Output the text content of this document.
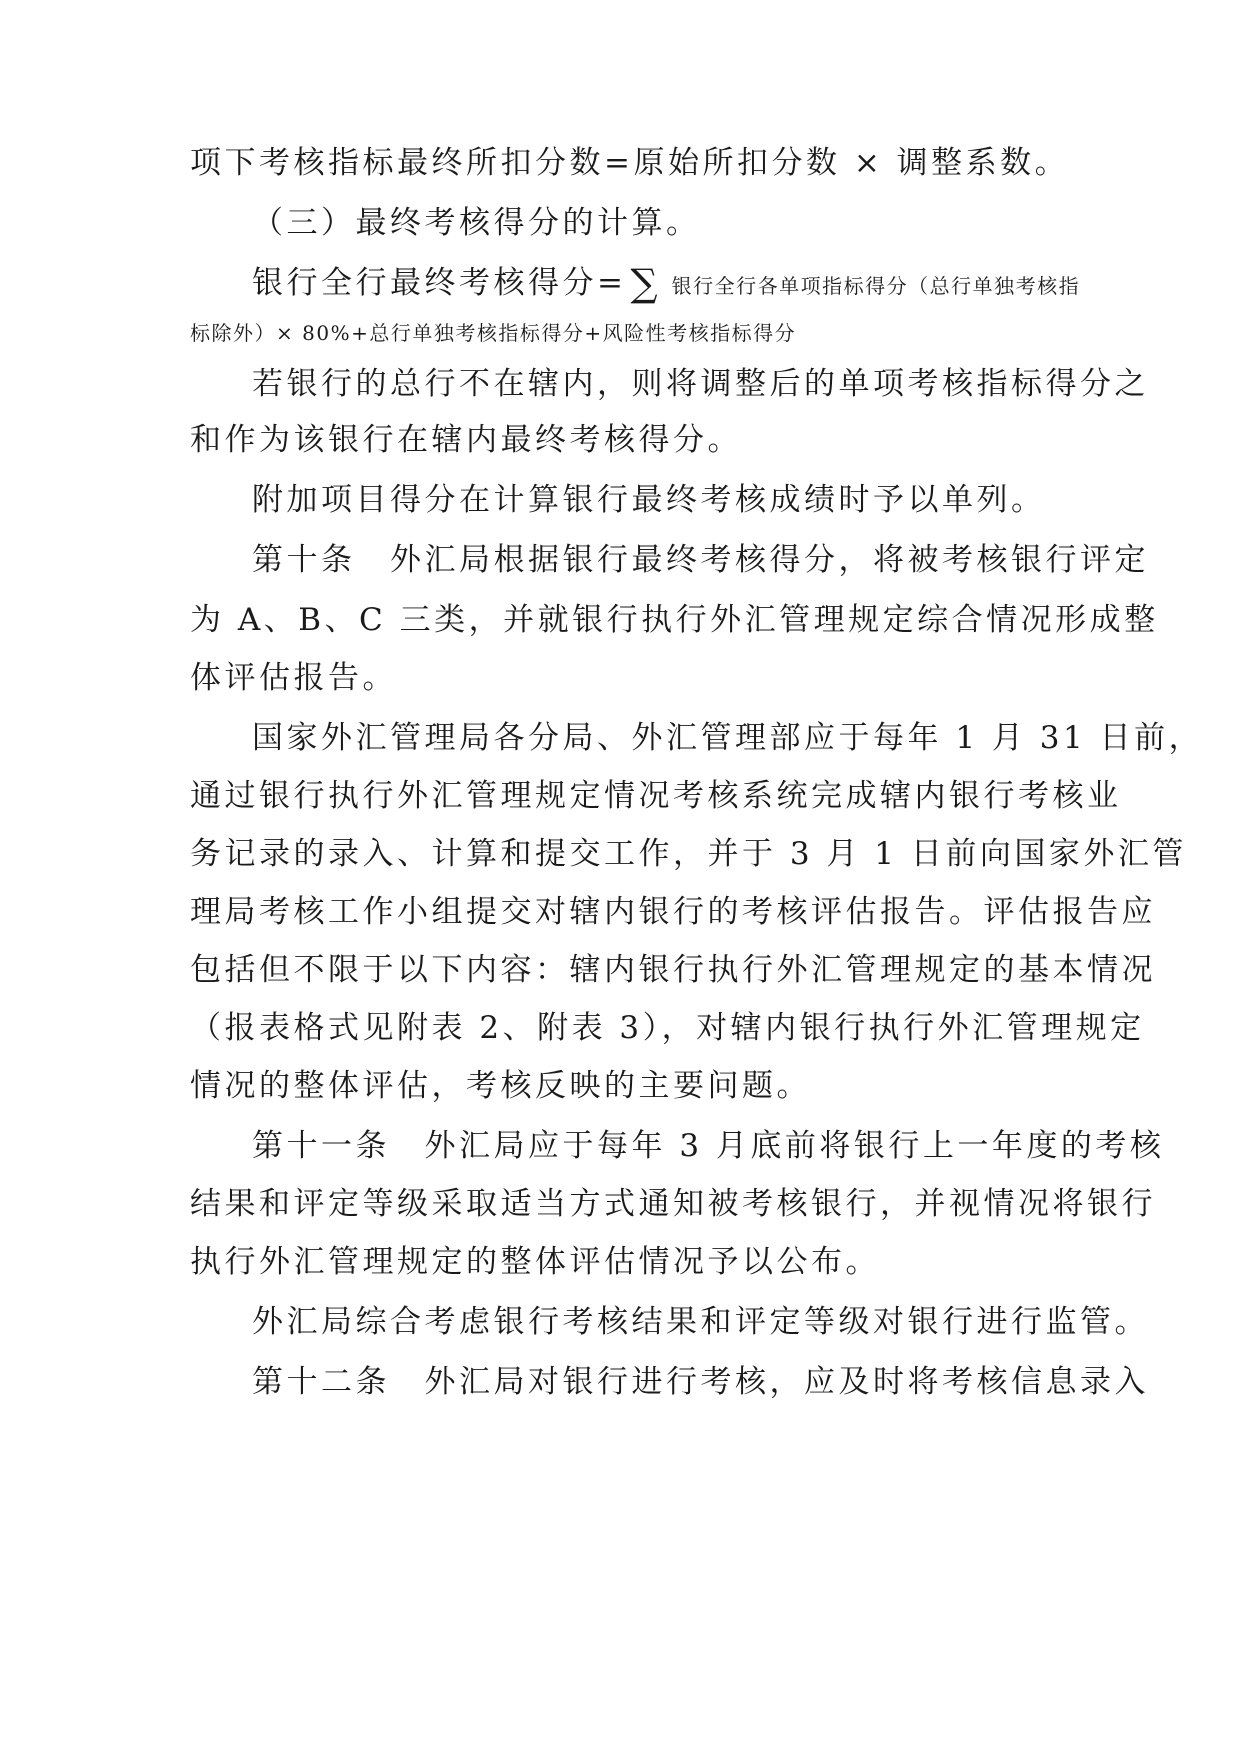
项下考核指标最终所扣分数=原始所扣分数 × 调整系数。
（三）最终考核得分的计算。
银行全行最终考核得分= ∑ 银行全行各单项指标得分（总行单独考核指
标除外）× 80%+总行单独考核指标得分+风险性考核指标得分
若银行的总行不在辖内，则将调整后的单项考核指标得分之
和作为该银行在辖内最终考核得分。
附加项目得分在计算银行最终考核成绩时予以单列。
第十条　外汇局根据银行最终考核得分，将被考核银行评定
为 A、B、C 三类，并就银行执行外汇管理规定综合情况形成整
体评估报告。
国家外汇管理局各分局、外汇管理部应于每年 1 月 31 日前，
通过银行执行外汇管理规定情况考核系统完成辖内银行考核业
务记录的录入、计算和提交工作，并于 3 月 1 日前向国家外汇管
理局考核工作小组提交对辖内银行的考核评估报告。评估报告应
包括但不限于以下内容：辖内银行执行外汇管理规定的基本情况
（报表格式见附表 2、附表 3），对辖内银行执行外汇管理规定
情况的整体评估，考核反映的主要问题。
第十一条　外汇局应于每年 3 月底前将银行上一年度的考核
结果和评定等级采取适当方式通知被考核银行，并视情况将银行
执行外汇管理规定的整体评估情况予以公布。
外汇局综合考虑银行考核结果和评定等级对银行进行监管。
第十二条　外汇局对银行进行考核，应及时将考核信息录入
